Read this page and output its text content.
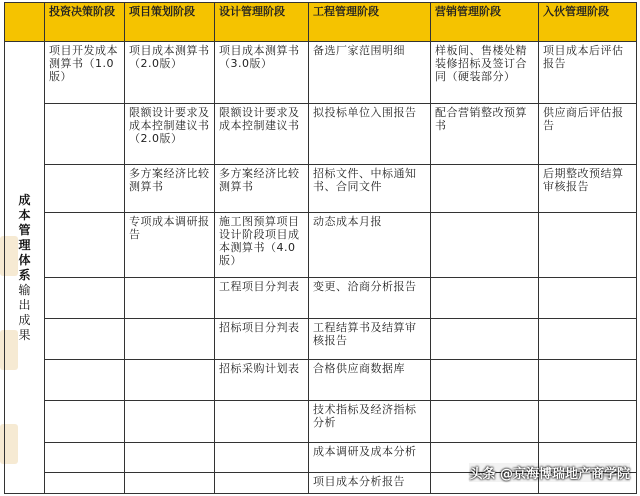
	投资决策阶段	项目策划阶段	设计管理阶段	工程管理阶段	营销管理阶段	入伙管理阶段

成本管理体系输出成果	项目开发成本测算书（1.0版）	项目成本测算书（2.0版）	项目成本测算书（3.0版）	备选厂家范围明细	样板间、售楼处精装修招标及签订合同（硬装部分）	项目成本后评估报告
		限额设计要求及成本控制建议书（2.0版）	限额设计要求及成本控制建议书	拟投标单位入围报告	配合营销整改预算书	供应商后评估报告
		多方案经济比较测算书	多方案经济比较测算书	招标文件、中标通知书、合同文件		后期整改预结算审核报告
		专项成本调研报告	施工图预算项目设计阶段项目成本测算书（4.0版）	动态成本月报		
			工程项目分判表	变更、洽商分析报告		
			招标项目分判表	工程结算书及结算审核报告		
			招标采购计划表	合格供应商数据库		
				技术指标及经济指标分析		
				成本调研及成本分析		
				项目成本分析报告			头条 @京海博瑞地产商学院
